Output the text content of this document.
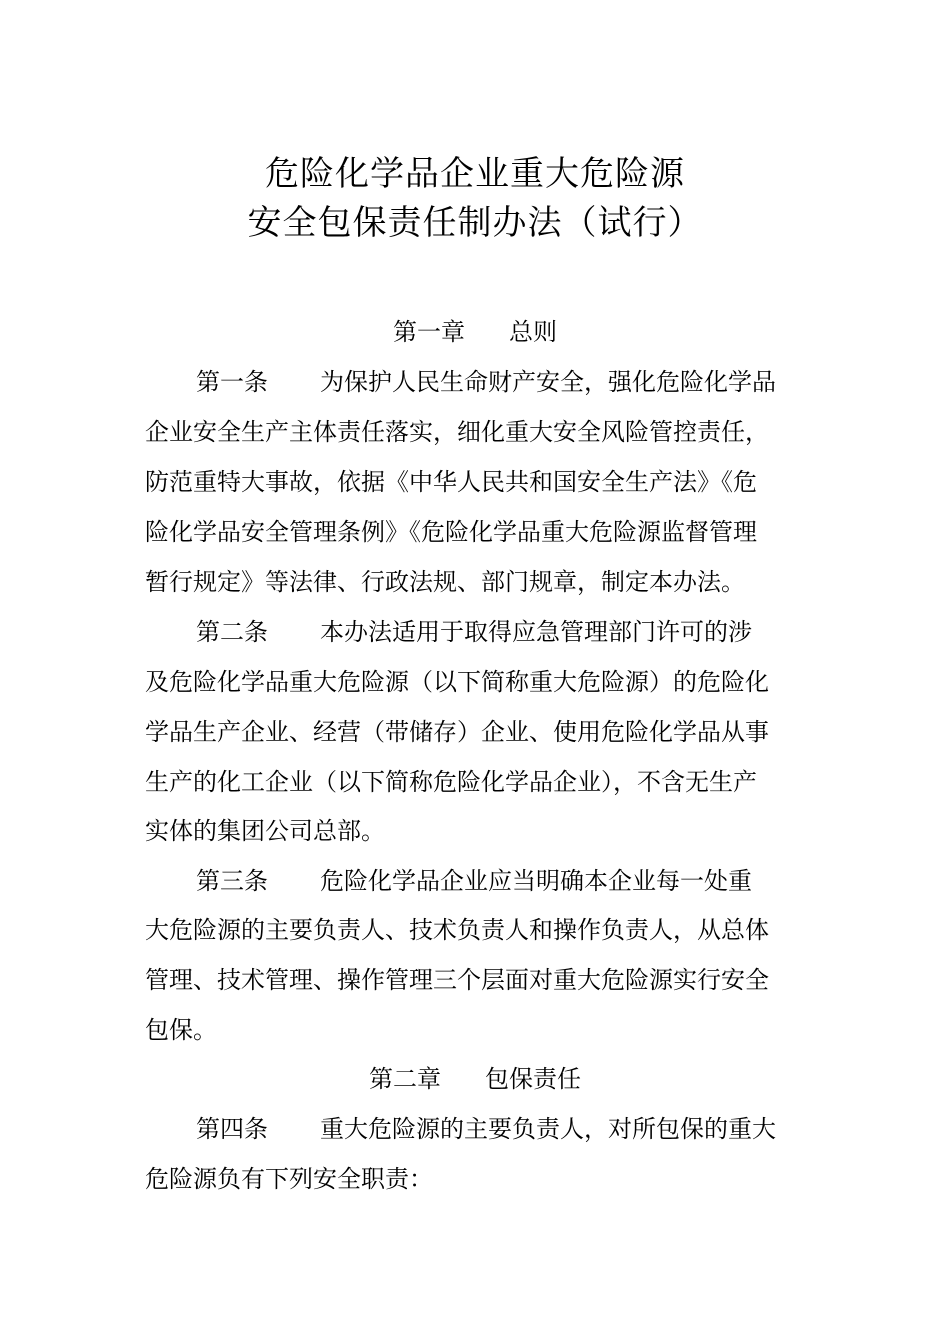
危险化学品企业重大危险源
安全包保责任制办法（试行）
第一章 总则
第一条 为保护人民生命财产安全，强化危险化学品
企业安全生产主体责任落实，细化重大安全风险管控责任，
防范重特大事故，依据《中华人民共和国安全生产法》《危
险化学品安全管理条例》《危险化学品重大危险源监督管理
暂行规定》等法律、行政法规、部门规章，制定本办法。
第二条 本办法适用于取得应急管理部门许可的涉
及危险化学品重大危险源（以下简称重大危险源）的危险化
学品生产企业、经营（带储存）企业、使用危险化学品从事
生产的化工企业（以下简称危险化学品企业），不含无生产
实体的集团公司总部。
第三条 危险化学品企业应当明确本企业每一处重
大危险源的主要负责人、技术负责人和操作负责人，从总体
管理、技术管理、操作管理三个层面对重大危险源实行安全
包保。
第二章 包保责任
第四条 重大危险源的主要负责人，对所包保的重大
危险源负有下列安全职责：
